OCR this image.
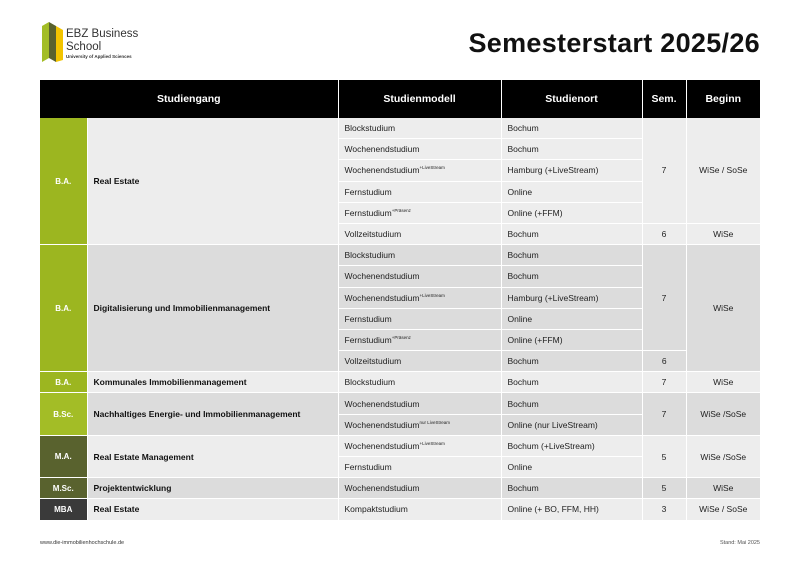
EBZ Business
School
University of Applied Sciences	Semesterstart 2025/26
Studiengang		Studienmodell	Studienort	Sem.	Beginn
B.A.	Real Estate	Blockstudium	Bochum	7	WiSe / SoSe
		Wochenendstudium	Bochum		
		Wochenendstudium$^{+LiveStream}$	Hamburg (+LiveStream)		
		Fernstudium	Online		
		Fernstudium$^{+Präsenz}$	Online (+FFM)		
		Vollzeitstudium	Bochum	6	WiSe
B.A.	Digitalisierung und Immobilienmanagement	Blockstudium	Bochum	7	WiSe
		Wochenendstudium	Bochum		
		Wochenendstudium$^{+LiveStream}$	Hamburg (+LiveStream)		
		Fernstudium	Online		
		Fernstudium$^{+Präsenz}$	Online (+FFM)		
		Vollzeitstudium	Bochum	6	
B.A.	Kommunales Immobilienmanagement	Blockstudium	Bochum	7	WiSe
B.Sc.	Nachhaltiges Energie- und Immobilienmanagement	Wochenendstudium	Bochum	7	WiSe /SoSe
		Wochenendstudium$^{nur LiveStream}$	Online (nur LiveStream)		
M.A.	Real Estate Management	Wochenendstudium$^{+LiveStream}$	Bochum (+LiveStream)	5	WiSe /SoSe
		Fernstudium	Online		
M.Sc.	Projektentwicklung	Wochenendstudium	Bochum	5	WiSe
MBA	Real Estate	Kompaktstudium	Online (+ BO, FFM, HH)	3	WiSe / SoSe
www.die-immobilienhochschule.de	Stand: Mai 2025
